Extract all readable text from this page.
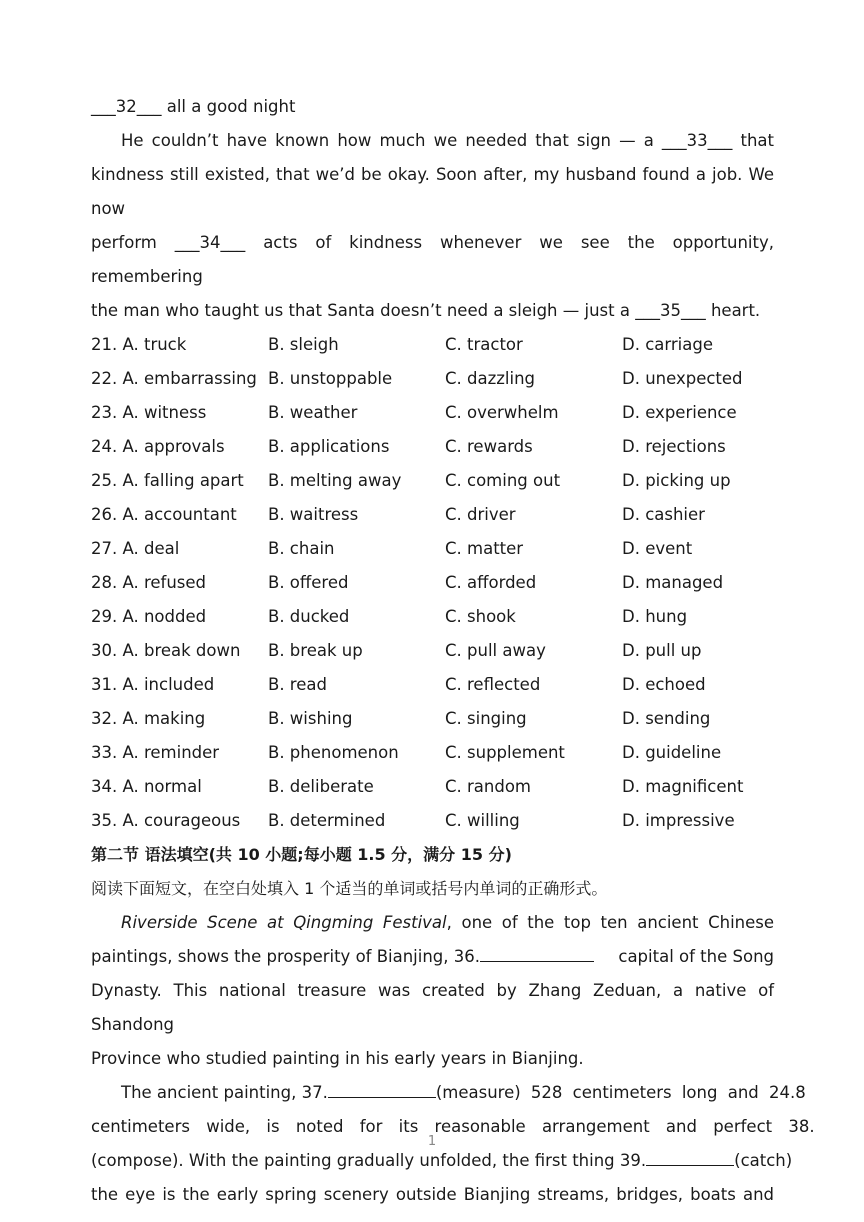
___32___ all a good night
He couldn’t have known how much we needed that sign — a ___33___ that
kindness still existed, that we’d be okay. Soon after, my husband found a job. We now
perform ___34___ acts of kindness whenever we see the opportunity, remembering
the man who taught us that Santa doesn’t need a sleigh — just a ___35___ heart.
21. A. truck	B. sleigh	C. tractor	D. carriage
22. A. embarrassing B. unstoppable	C. dazzling	D. unexpected
23. A. witness	B. weather	C. overwhelm	D. experience
24. A. approvals	B. applications	C. rewards	D. rejections
25. A. falling apart	B. melting away	C. coming out	D. picking up
26. A. accountant	B. waitress	C. driver	D. cashier
27. A. deal	B. chain	C. matter	D. event
28. A. refused	B. offered	C. afforded	D. managed
29. A. nodded	B. ducked	C. shook	D. hung
30. A. break down	B. break up	C. pull away	D. pull up
31. A. included	B. read	C. reflected	D. echoed
32. A. making	B. wishing	C. singing	D. sending
33. A. reminder	B. phenomenon	C. supplement	D. guideline
34. A. normal	B. deliberate	C. random	D. magnificent
35. A. courageous	B. determined	C. willing	D. impressive
第二节 语法填空(共 10 小题;每小题 1.5 分，满分 15 分)
阅读下面短文，在空白处填入 1 个适当的单词或括号内单词的正确形式。
Riverside Scene at Qingming Festival, one of the top ten ancient Chinese
paintings, shows the prosperity of Bianjing, 36.	capital of the Song
Dynasty. This national treasure was created by Zhang Zeduan, a native of Shandong
Province who studied painting in his early years in Bianjing.
The ancient painting, 37.	(measure) 528 centimeters long and 24.8
centimeters wide, is noted for its reasonable arrangement and perfect 38.
(compose). With the painting gradually unfolded, the first thing 39.	(catch)
the eye is the early spring scenery outside Bianjing streams, bridges, boats and
1
